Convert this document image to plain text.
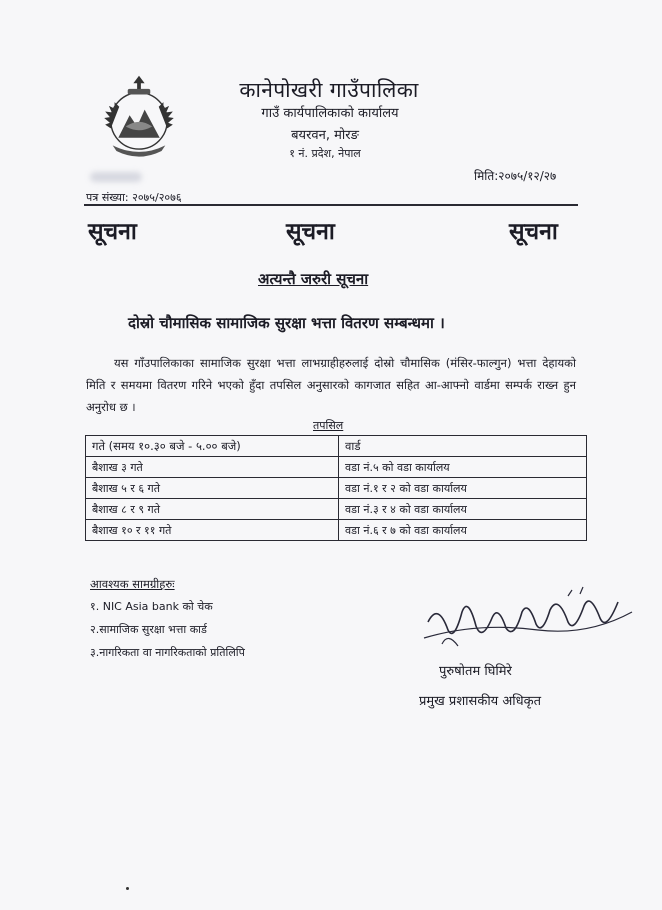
कानेपोखरी गाउँपालिका
गाउँ कार्यपालिकाको कार्यालय
बयरवन, मोरङ
१ नं. प्रदेश, नेपाल
मिति:२०७५/१२/२७
पत्र संख्या: २०७५/२०७६
सूचना	सूचना	सूचना
अत्यन्तै जरुरी सूचना
दोस्रो चौमासिक सामाजिक सुरक्षा भत्ता वितरण सम्बन्धमा ।
यस गाँउपालिकाका सामाजिक सुरक्षा भत्ता लाभग्राहीहरुलाई दोस्रो चौमासिक (मंसिर-फाल्गुन) भत्ता देहायको मिति र समयमा वितरण गरिने भएको हुँदा तपसिल अनुसारको कागजात सहित आ-आफ्नो वार्डमा सम्पर्क राख्न हुन अनुरोध छ ।
तपसिल
गते (समय १०.३० बजे - ५.०० बजे)	वार्ड
बैशाख ३ गते	वडा नं.५ को वडा कार्यालय
बैशाख ५ र ६ गते	वडा नं.१ र २ को वडा कार्यालय
बैशाख ८ र ९ गते	वडा नं.३ र ४ को वडा कार्यालय
बैशाख १० र ११ गते	वडा नं.६ र ७ को वडा कार्यालय
आवश्यक सामग्रीहरुः
१. NIC Asia bank को चेक
२.सामाजिक सुरक्षा भत्ता कार्ड
३.नागरिकता वा नागरिकताको प्रतिलिपि
पुरुषोतम घिमिरे
प्रमुख प्रशासकीय अधिकृत
